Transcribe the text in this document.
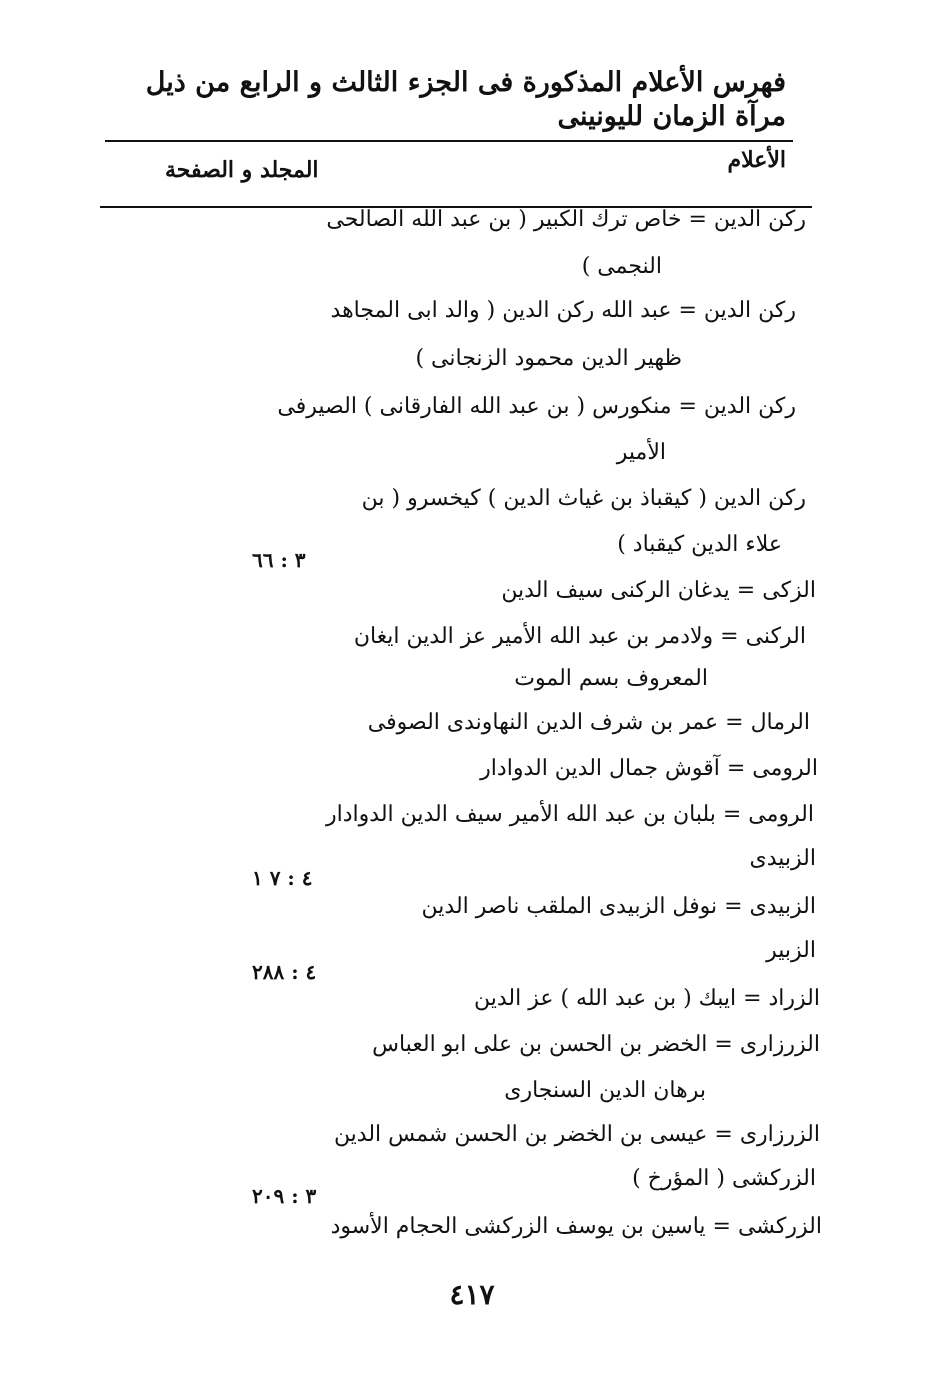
فهرس الأعلام المذكورة فى الجزء الثالث و الرابع من ذيل مرآة الزمان لليونينى
الأعلام
المجلد و الصفحة
ركن الدين = خاص ترك الكبير ( بن عبد الله الصالحى
النجمى )
ركن الدين = عبد الله ركن الدين ( والد ابى المجاهد
ظهير الدين محمود الزنجانى )
ركن الدين = منكورس ( بن عبد الله الفارقانى ) الصيرفى
الأمير
ركن الدين ( كيقباذ بن غياث الدين ) كيخسرو ( بن
علاء الدين كيقباد )
٣ : ٦٦
الزكى = يدغان الركنى سيف الدين
الركنى = ولادمر بن عبد الله الأمير عز الدين ايغان
المعروف بسم الموت
الرمال = عمر بن شرف الدين النهاوندى الصوفى
الرومى = آقوش جمال الدين الدوادار
الرومى = بلبان بن عبد الله الأمير سيف الدين الدوادار
الزبيدى
٤ : ٧ ١
الزبيدى = نوفل الزبيدى الملقب ناصر الدين
الزبير
٤ : ٢٨٨
الزراد = ايبك ( بن عبد الله ) عز الدين
الزرزارى = الخضر بن الحسن بن على ابو العباس
برهان الدين السنجارى
الزرزارى = عيسى بن الخضر بن الحسن شمس الدين
الزركشى ( المؤرخ )
٣ : ٢٠٩
الزركشى = ياسين بن يوسف الزركشى الحجام الأسود
٤١٧
